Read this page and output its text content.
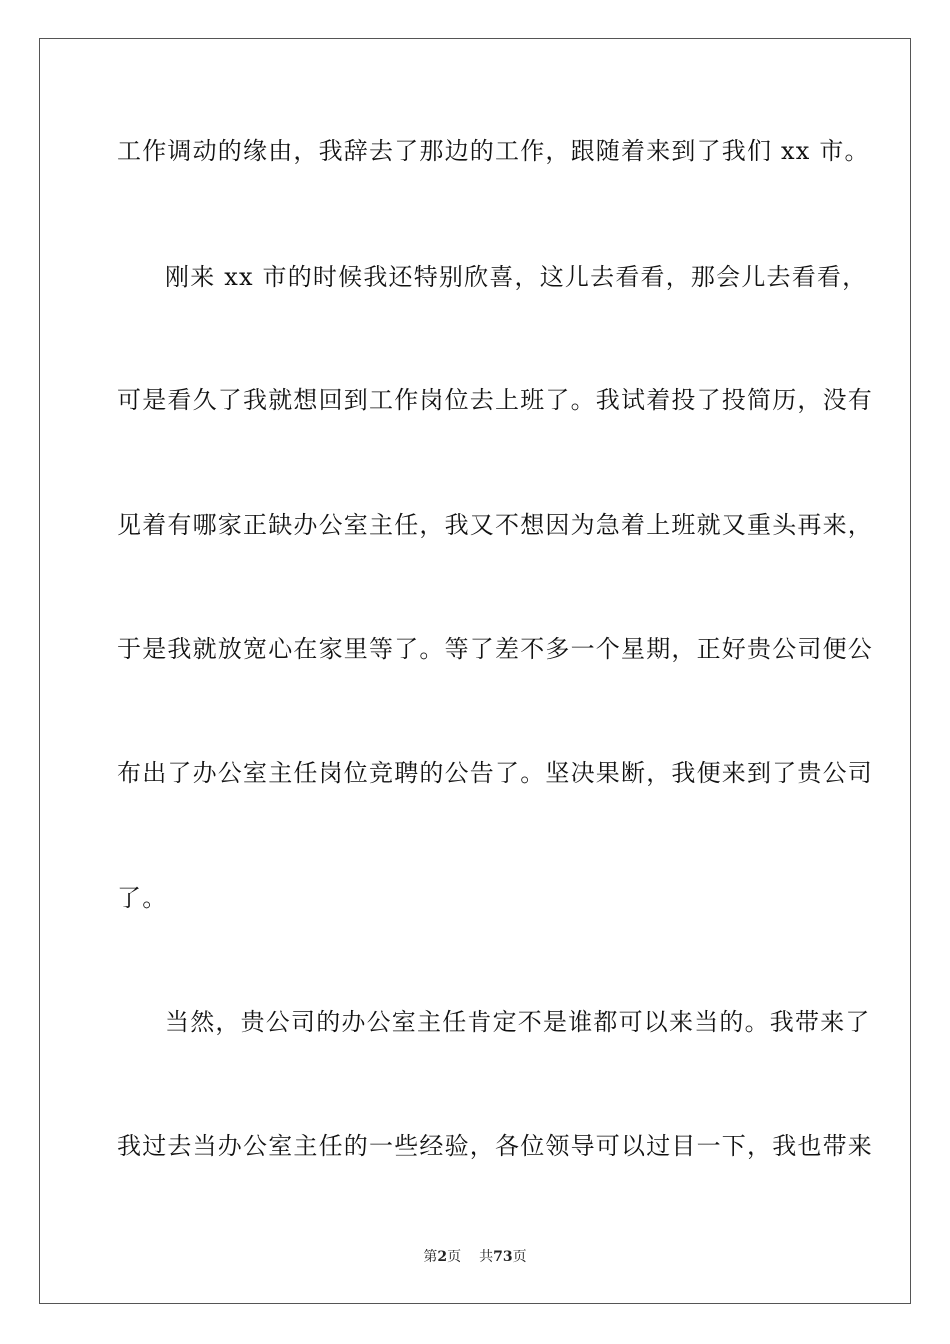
工作调动的缘由，我辞去了那边的工作，跟随着来到了我们 xx 市。
刚来 xx 市的时候我还特别欣喜，这儿去看看，那会儿去看看，
可是看久了我就想回到工作岗位去上班了。我试着投了投简历，没有
见着有哪家正缺办公室主任，我又不想因为急着上班就又重头再来，
于是我就放宽心在家里等了。等了差不多一个星期，正好贵公司便公
布出了办公室主任岗位竞聘的公告了。坚决果断，我便来到了贵公司
了。
当然，贵公司的办公室主任肯定不是谁都可以来当的。我带来了
我过去当办公室主任的一些经验，各位领导可以过目一下，我也带来
第2页 共73页
